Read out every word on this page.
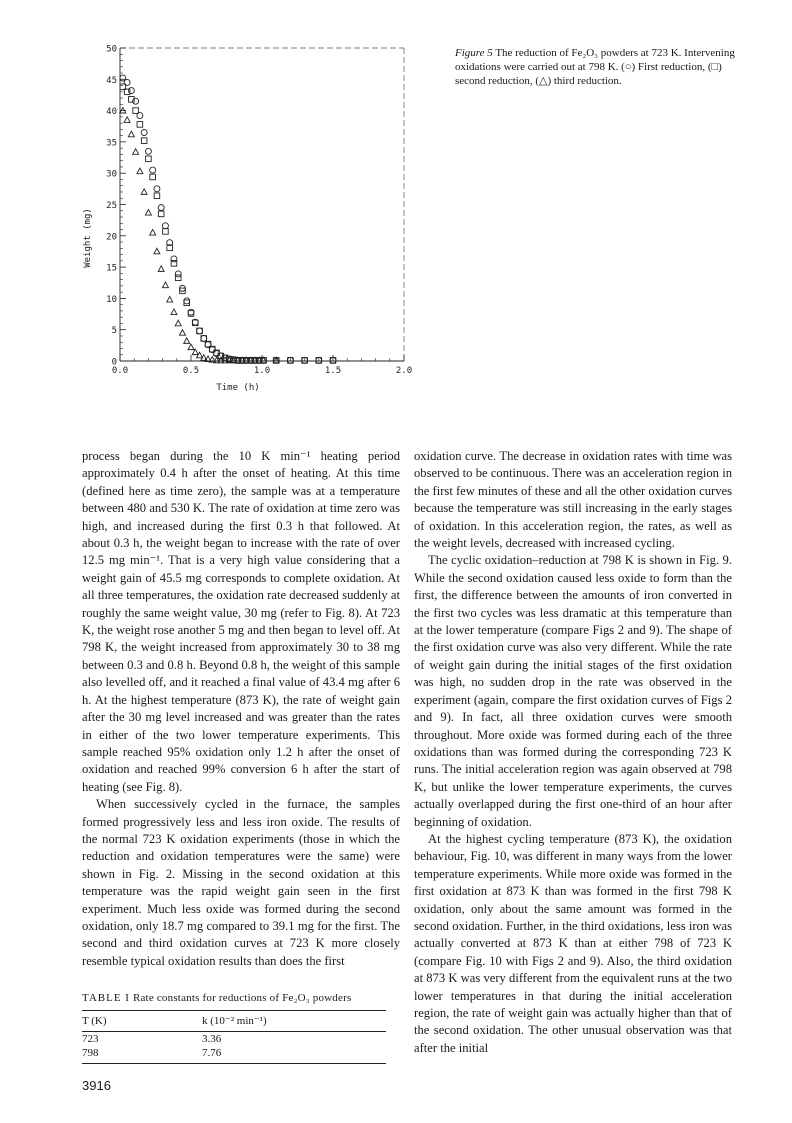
0
5
10
15
20
25
30
35
40
45
50
0.0	0.5	1.0	1.5	2.0
Time (h)
Weight (mg)
Figure 5 The reduction of Fe₂O₃ powders at 723 K. Intervening oxidations were carried out at 798 K. (○) First reduction, (□) second reduction, (△) third reduction.

process began during the 10 K min⁻¹ heating period approximately 0.4 h after the onset of heating. At this time (defined here as time zero), the sample was at a temperature between 480 and 530 K. The rate of oxidation at time zero was high, and increased during the first 0.3 h that followed. At about 0.3 h, the weight began to increase with the rate of over 12.5 mg min⁻¹. That is a very high value considering that a weight gain of 45.5 mg corresponds to complete oxidation. At all three temperatures, the oxidation rate decreased suddenly at roughly the same weight value, 30 mg (refer to Fig. 8). At 723 K, the weight rose another 5 mg and then began to level off. At 798 K, the weight increased from approximately 30 to 38 mg between 0.3 and 0.8 h. Beyond 0.8 h, the weight of this sample also levelled off, and it reached a final value of 43.4 mg after 6 h. At the highest temperature (873 K), the rate of weight gain after the 30 mg level increased and was greater than the rates in either of the two lower temperature experiments. This sample reached 95% oxidation only 1.2 h after the onset of oxidation and reached 99% conversion 6 h after the start of heating (see Fig. 8).

When successively cycled in the furnace, the samples formed progressively less and less iron oxide. The results of the normal 723 K oxidation experiments (those in which the reduction and oxidation temperatures were the same) were shown in Fig. 2. Missing in the second oxidation at this temperature was the rapid weight gain seen in the first experiment. Much less oxide was formed during the second oxidation, only 18.7 mg compared to 39.1 mg for the first. The second and third oxidation curves at 723 K more closely resemble typical oxidation results than does the first

oxidation curve. The decrease in oxidation rates with time was observed to be continuous. There was an acceleration region in the first few minutes of these and all the other oxidation curves because the temperature was still increasing in the early stages of oxidation. In this acceleration region, the rates, as well as the weight levels, decreased with increased cycling.

The cyclic oxidation–reduction at 798 K is shown in Fig. 9. While the second oxidation caused less oxide to form than the first, the difference between the amounts of iron converted in the first two cycles was less dramatic at this temperature than at the lower temperature (compare Figs 2 and 9). The shape of the first oxidation curve was also very different. While the rate of weight gain during the initial stages of the first oxidation was high, no sudden drop in the rate was observed in the experiment (again, compare the first oxidation curves of Figs 2 and 9). In fact, all three oxidation curves were smooth throughout. More oxide was formed during each of the three oxidations than was formed during the corresponding 723 K runs. The initial acceleration region was again observed at 798 K, but unlike the lower temperature experiments, the curves actually overlapped during the first one-third of an hour after beginning of oxidation.

At the highest cycling temperature (873 K), the oxidation behaviour, Fig. 10, was different in many ways from the lower temperature experiments. While more oxide was formed in the first oxidation at 873 K than was formed in the first 798 K oxidation, only about the same amount was formed in the second oxidation. Further, in the third oxidations, less iron was actually converted at 873 K than at either 798 of 723 K (compare Fig. 10 with Figs 2 and 9). Also, the third oxidation at 873 K was very different from the equivalent runs at the two lower temperatures in that during the initial acceleration region, the rate of weight gain was actually higher than that of the second oxidation. The other unusual observation was that after the initial

TABLE I Rate constants for reductions of Fe₂O₃ powders
T (K)	k (10⁻² min⁻¹)
723	3.36
798	7.76
3916
